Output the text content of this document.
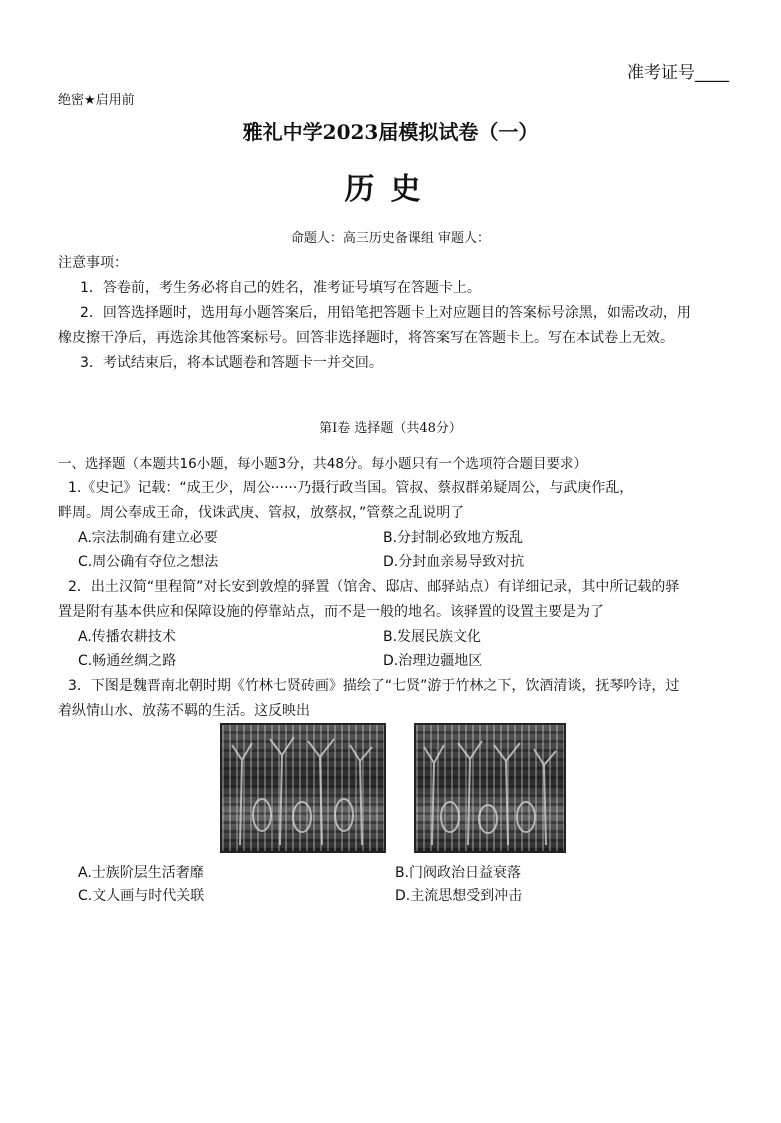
准考证号____
绝密★启用前
雅礼中学2023届模拟试卷（一）
历史
命题人：高三历史备课组 审题人：
注意事项：
1．答卷前，考生务必将自己的姓名，准考证号填写在答题卡上。
2．回答选择题时，选用每小题答案后，用铅笔把答题卡上对应题目的答案标号涂黑，如需改动，用
橡皮擦干净后，再选涂其他答案标号。回答非选择题时，将答案写在答题卡上。写在本试卷上无效。
3．考试结束后，将本试题卷和答题卡一并交回。
第Ⅰ卷 选择题（共48分）
一、选择题（本题共16小题，每小题3分，共48分。每小题只有一个选项符合题目要求）
1.《史记》记载：“成王少，周公······乃摄行政当国。管叔、蔡叔群弟疑周公，与武庚作乱，
畔周。周公奉成王命，伐诛武庚、管叔，放蔡叔，”管蔡之乱说明了
A.宗法制确有建立必要	B.分封制必致地方叛乱
C.周公确有夺位之想法	D.分封血亲易导致对抗
2．出土汉简“里程简”对长安到敦煌的驿置（馆舍、邸店、邮驿站点）有详细记录，其中所记载的驿
置是附有基本供应和保障设施的停靠站点，而不是一般的地名。该驿置的设置主要是为了
A.传播农耕技术	B.发展民族文化
C.畅通丝绸之路	D.治理边疆地区
3．下图是魏晋南北朝时期《竹林七贤砖画》描绘了“七贤”游于竹林之下，饮酒清谈，抚琴吟诗，过
着纵情山水、放荡不羁的生活。这反映出
A.士族阶层生活奢靡	B.门阀政治日益衰落
C.文人画与时代关联	D.主流思想受到冲击
